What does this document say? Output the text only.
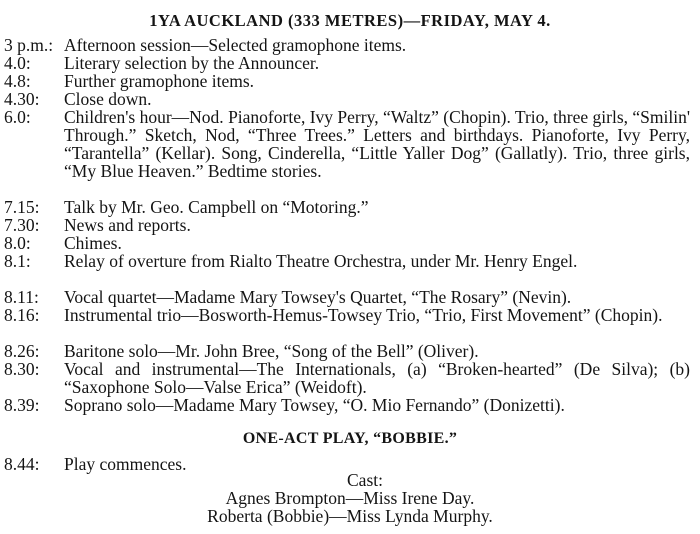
1YA AUCKLAND (333 METRES)—FRIDAY, MAY 4.
3 p.m.: Afternoon session—Selected gramophone items.
4.0:	Literary selection by the Announcer.
4.8:	Further gramophone items.
4.30:	Close down.
6.0:	Children's hour—Nod. Pianoforte, Ivy Perry, “Waltz” (Chopin). Trio, three girls, “Smilin' Through.” Sketch, Nod, “Three Trees.” Letters and birthdays. Pianoforte, Ivy Perry, “Tarantella” (Kellar). Song, Cinderella, “Little Yaller Dog” (Gallatly). Trio, three girls, “My Blue Heaven.” Bedtime stories.
7.15:	Talk by Mr. Geo. Campbell on “Motoring.”
7.30:	News and reports.
8.0:	Chimes.
8.1:	Relay of overture from Rialto Theatre Orchestra, under Mr. Henry Engel.
8.11:	Vocal quartet—Madame Mary Towsey's Quartet, “The Rosary” (Nevin).
8.16:	Instrumental trio—Bosworth-Hemus-Towsey Trio, “Trio, First Movement” (Chopin).
8.26:	Baritone solo—Mr. John Bree, “Song of the Bell” (Oliver).
8.30:	Vocal and instrumental—The Internationals, (a) “Broken-hearted” (De Silva); (b) “Saxophone Solo—Valse Erica” (Weidoft).
8.39:	Soprano solo—Madame Mary Towsey, “O. Mio Fernando” (Donizetti).
ONE-ACT PLAY, “BOBBIE.”
8.44:	Play commences.
Cast:
Agnes Brompton—Miss Irene Day.
Roberta (Bobbie)—Miss Lynda Murphy.
